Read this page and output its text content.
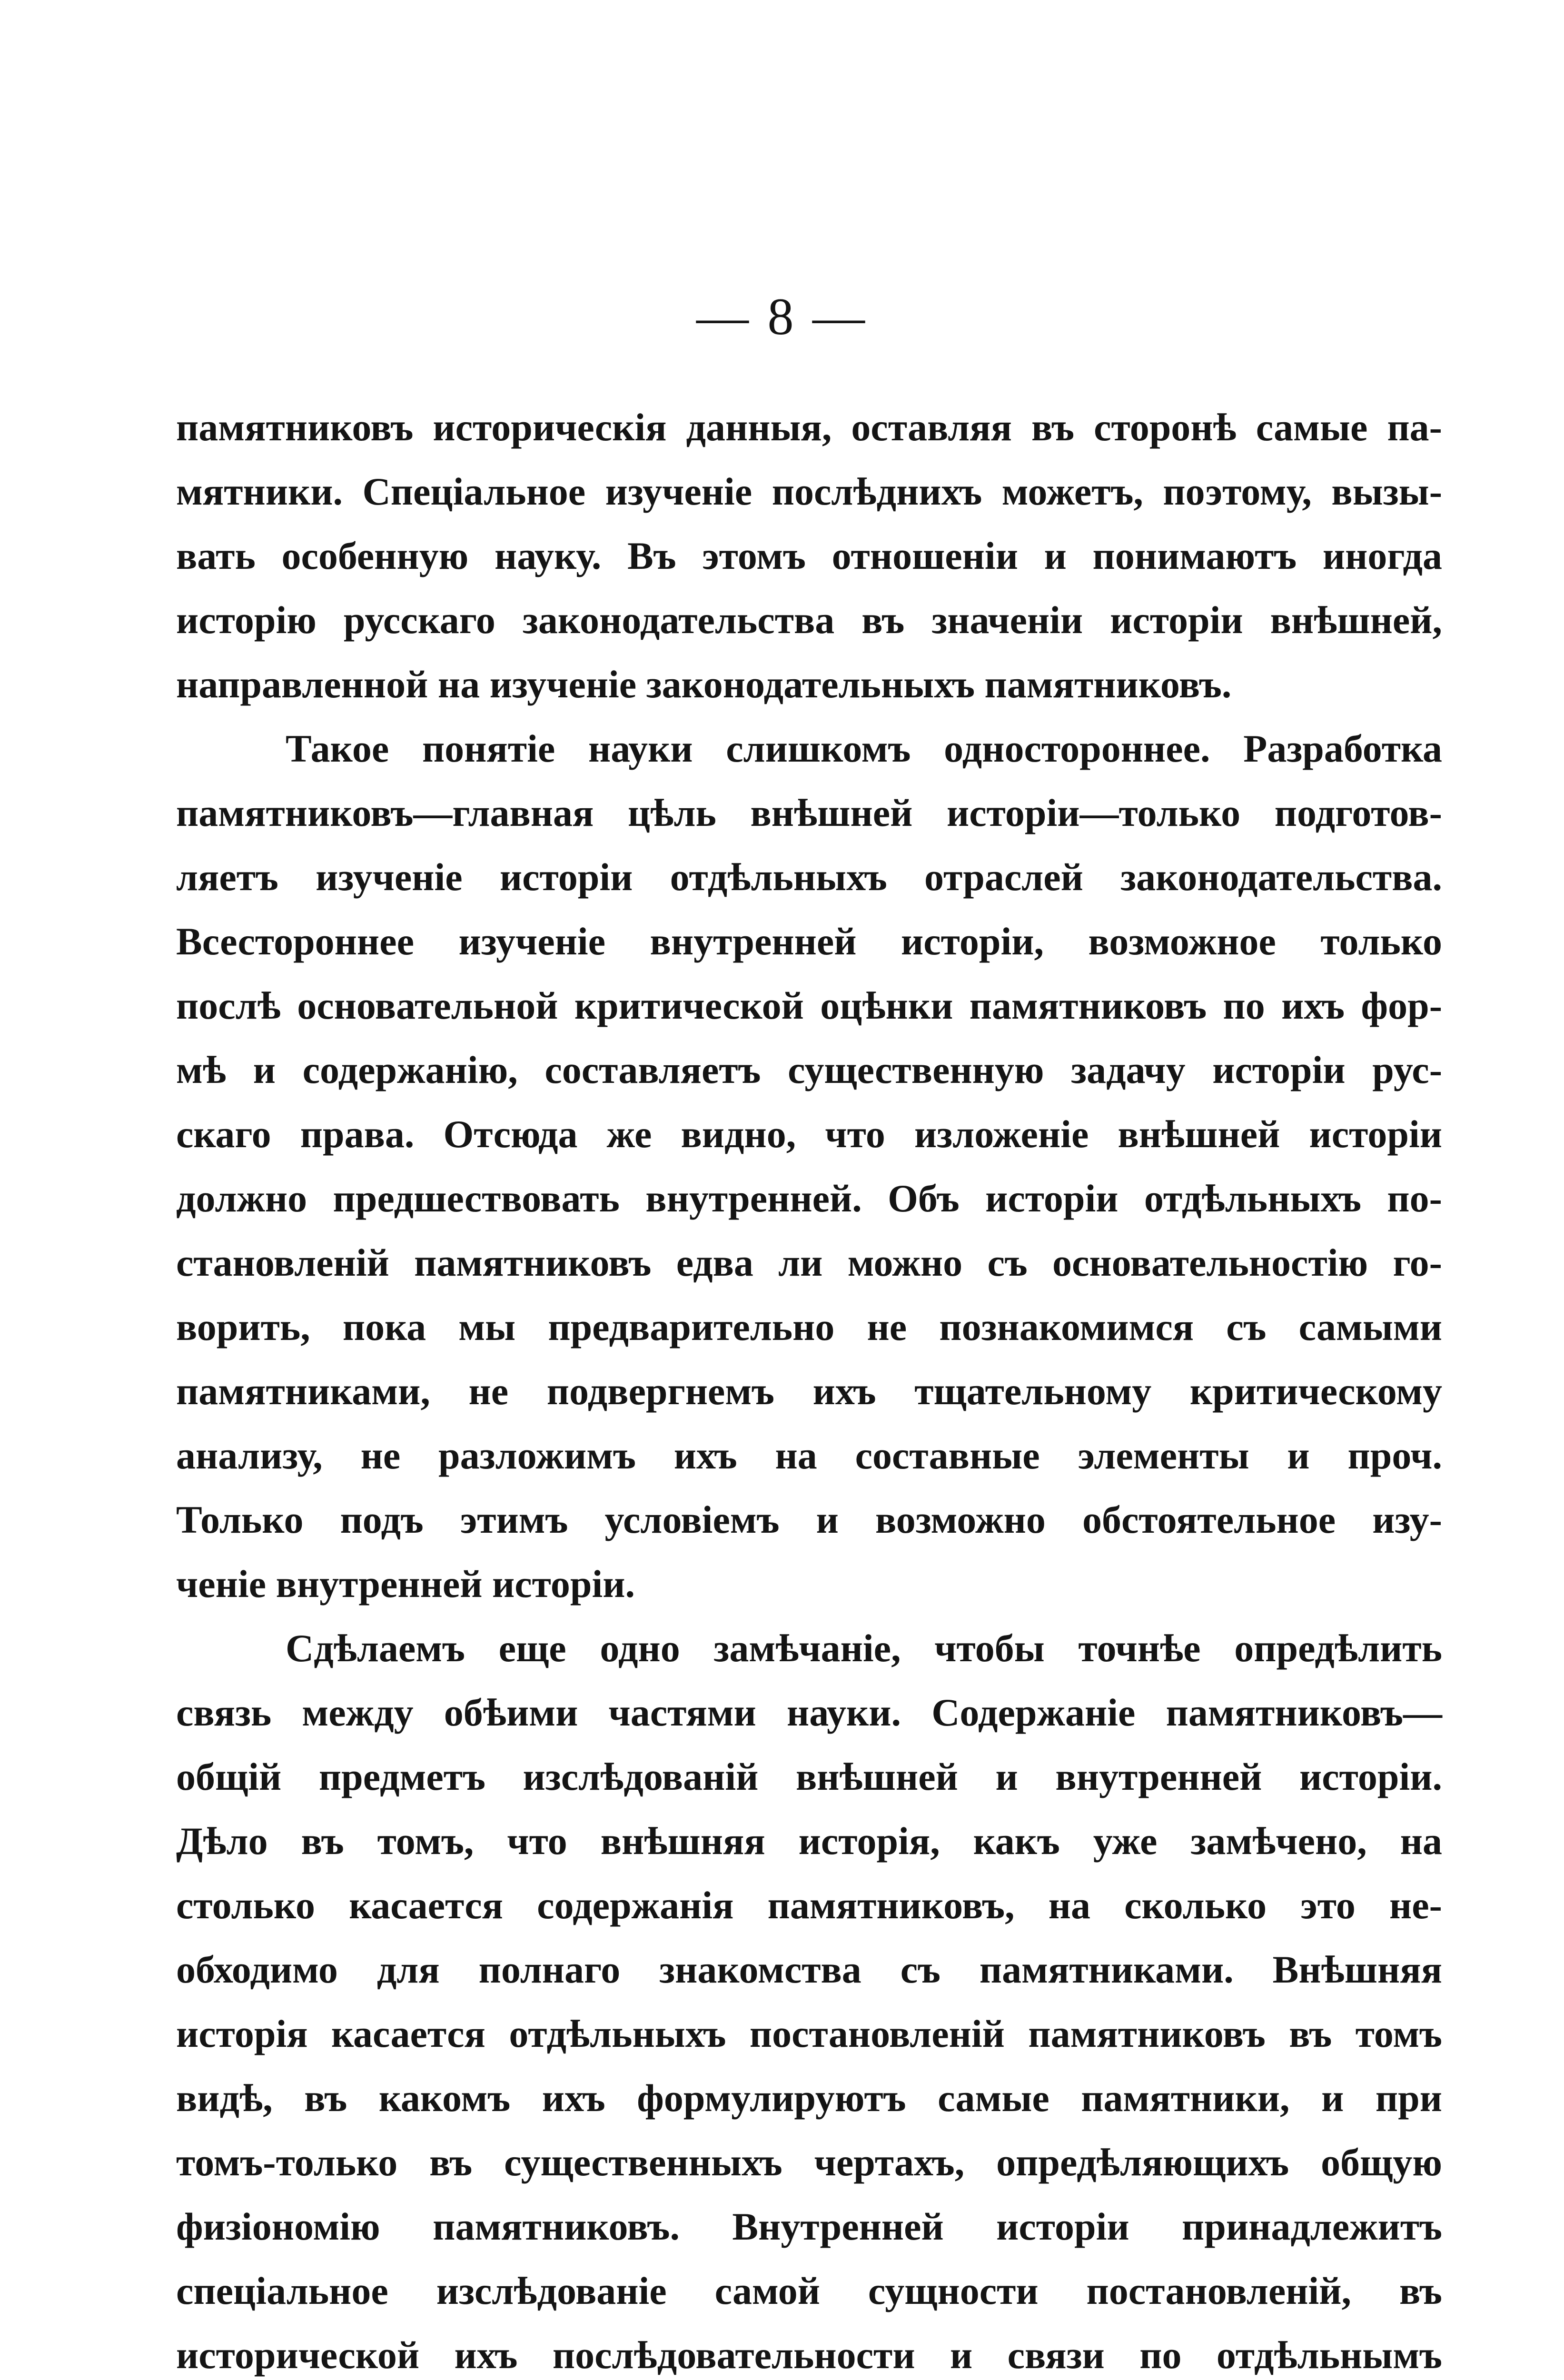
— 8 —
памятниковъ историческія данныя, оставляя въ сторонѣ самые па-
мятники. Спеціальное изученіе послѣднихъ можетъ, поэтому, вызы-
вать особенную науку. Въ этомъ отношеніи и понимаютъ иногда
исторію русскаго законодательства въ значеніи исторіи внѣшней,
направленной на изученіе законодательныхъ памятниковъ.
Такое понятіе науки слишкомъ одностороннее. Разработка
памятниковъ—главная цѣль внѣшней исторіи—только подготов-
ляетъ изученіе исторіи отдѣльныхъ отраслей законодательства.
Всестороннее изученіе внутренней исторіи, возможное только
послѣ основательной критической оцѣнки памятниковъ по ихъ фор-
мѣ и содержанію, составляетъ существенную задачу исторіи рус-
скаго права. Отсюда же видно, что изложеніе внѣшней исторіи
должно предшествовать внутренней. Объ исторіи отдѣльныхъ по-
становленій памятниковъ едва ли можно съ основательностію го-
ворить, пока мы предварительно не познакомимся съ самыми
памятниками, не подвергнемъ ихъ тщательному критическому
анализу, не разложимъ ихъ на составные элементы и проч.
Только подъ этимъ условіемъ и возможно обстоятельное изу-
ченіе внутренней исторіи.
Сдѣлаемъ еще одно замѣчаніе, чтобы точнѣе опредѣлить
связь между обѣими частями науки. Содержаніе памятниковъ—
общій предметъ изслѣдованій внѣшней и внутренней исторіи.
Дѣло въ томъ, что внѣшняя исторія, какъ уже замѣчено, на
столько касается содержанія памятниковъ, на сколько это не-
обходимо для полнаго знакомства съ памятниками. Внѣшняя
исторія касается отдѣльныхъ постановленій памятниковъ въ томъ
видѣ, въ какомъ ихъ формулируютъ самые памятники, и при
томъ-только въ существенныхъ чертахъ, опредѣляющихъ общую
физіономію памятниковъ. Внутренней исторіи принадлежитъ
спеціальное изслѣдованіе самой сущности постановленій, въ
исторической ихъ послѣдовательности и связи по отдѣльнымъ
